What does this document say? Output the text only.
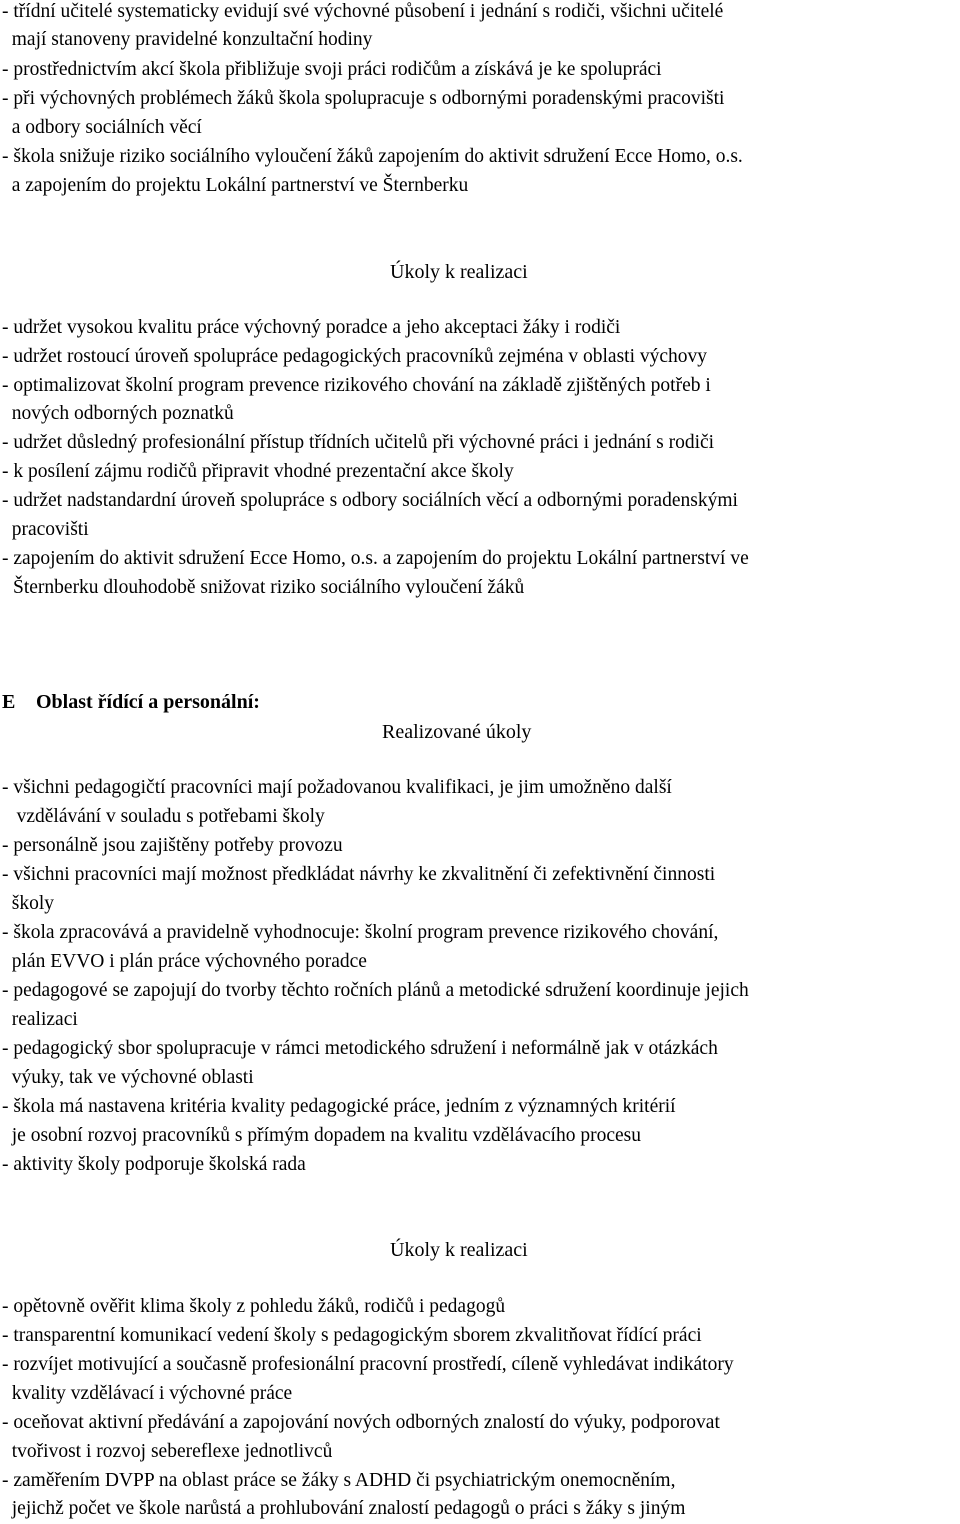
- třídní učitelé systematicky evidují své výchovné působení i jednání s rodiči, všichni učitelé
mají stanoveny pravidelné konzultační hodiny
- prostřednictvím akcí škola přibližuje svoji práci rodičům a získává je ke spolupráci
- při výchovných problémech žáků škola spolupracuje s odbornými poradenskými pracovišti
a odbory sociálních věcí
- škola snižuje riziko sociálního vyloučení žáků zapojením do aktivit sdružení Ecce Homo, o.s.
a zapojením do projektu Lokální partnerství ve Šternberku
Úkoly k realizaci
- udržet vysokou kvalitu práce výchovný poradce a jeho akceptaci žáky i rodiči
- udržet rostoucí úroveň spolupráce pedagogických pracovníků zejména v oblasti výchovy
- optimalizovat školní program prevence rizikového chování na základě zjištěných potřeb i
nových odborných poznatků
- udržet důsledný profesionální přístup třídních učitelů při výchovné práci i jednání s rodiči
- k posílení zájmu rodičů připravit vhodné prezentační akce školy
- udržet nadstandardní úroveň spolupráce s odbory sociálních věcí a odbornými poradenskými
pracovišti
- zapojením do aktivit sdružení Ecce Homo, o.s. a zapojením do projektu Lokální partnerství ve
Šternberku dlouhodobě snižovat riziko sociálního vyloučení žáků
E Oblast řídící a personální:
Realizované úkoly
- všichni pedagogičtí pracovníci mají požadovanou kvalifikaci, je jim umožněno další
vzdělávání v souladu s potřebami školy
- personálně jsou zajištěny potřeby provozu
- všichni pracovníci mají možnost předkládat návrhy ke zkvalitnění či zefektivnění činnosti
školy
- škola zpracovává a pravidelně vyhodnocuje: školní program prevence rizikového chování,
plán EVVO i plán práce výchovného poradce
- pedagogové se zapojují do tvorby těchto ročních plánů a metodické sdružení koordinuje jejich
realizaci
- pedagogický sbor spolupracuje v rámci metodického sdružení i neformálně jak v otázkách
výuky, tak ve výchovné oblasti
- škola má nastavena kritéria kvality pedagogické práce, jedním z významných kritérií
je osobní rozvoj pracovníků s přímým dopadem na kvalitu vzdělávacího procesu
- aktivity školy podporuje školská rada
Úkoly k realizaci
- opětovně ověřit klima školy z pohledu žáků, rodičů i pedagogů
- transparentní komunikací vedení školy s pedagogickým sborem zkvalitňovat řídící práci
- rozvíjet motivující a současně profesionální pracovní prostředí, cíleně vyhledávat indikátory
kvality vzdělávací i výchovné práce
- oceňovat aktivní předávání a zapojování nových odborných znalostí do výuky, podporovat
tvořivost i rozvoj sebereflexe jednotlivců
- zaměřením DVPP na oblast práce se žáky s ADHD či psychiatrickým onemocněním,
jejichž počet ve škole narůstá a prohlubování znalostí pedagogů o práci s žáky s jiným
